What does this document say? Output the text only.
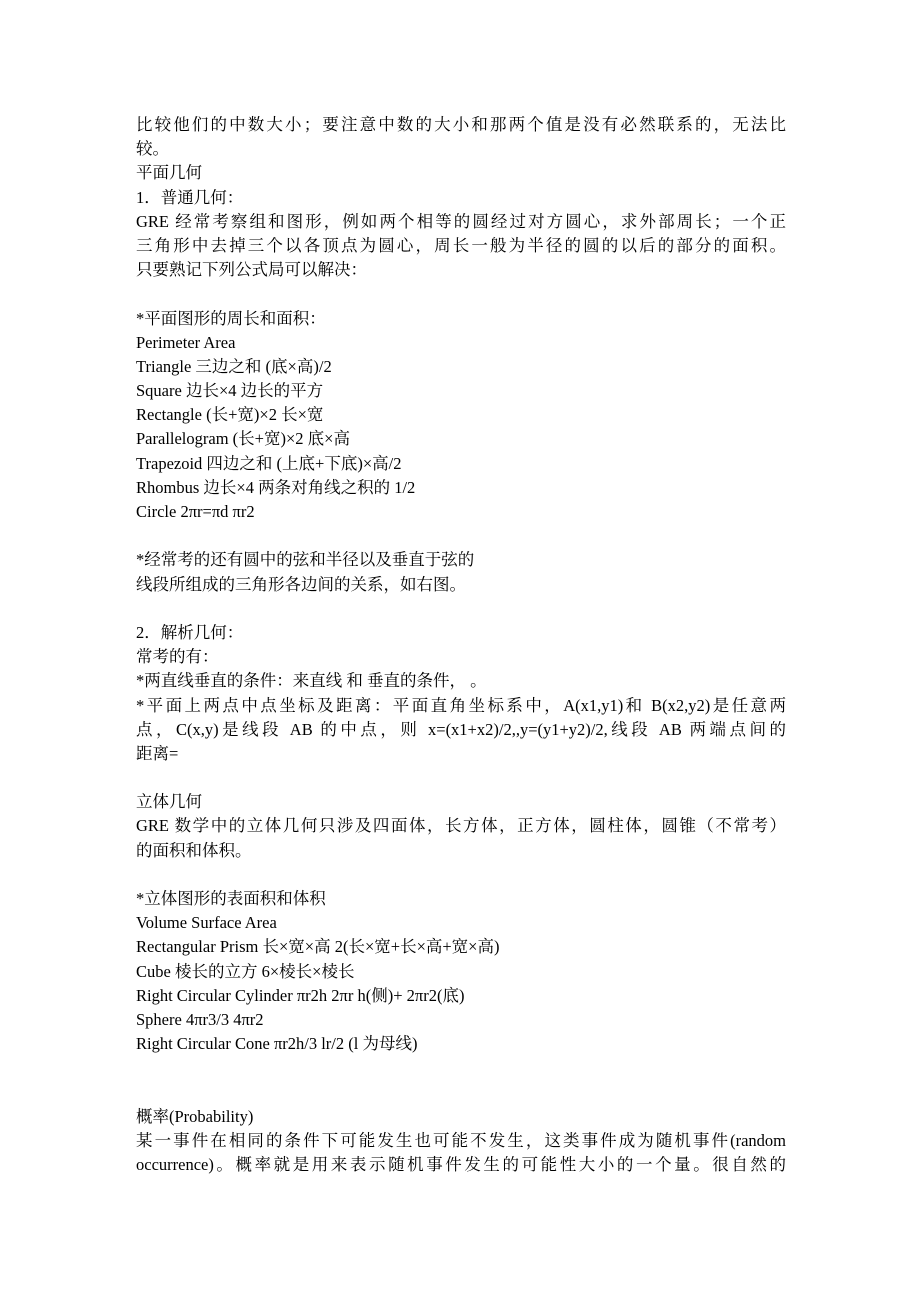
比较他们的中数大小；要注意中数的大小和那两个值是没有必然联系的，无法比
较。
平面几何
1．普通几何：
GRE 经常考察组和图形，例如两个相等的圆经过对方圆心，求外部周长；一个正
三角形中去掉三个以各顶点为圆心，周长一般为半径的圆的以后的部分的面积。
只要熟记下列公式局可以解决：
*平面图形的周长和面积：
Perimeter Area
Triangle 三边之和 (底×高)/2
Square 边长×4 边长的平方
Rectangle (长+宽)×2 长×宽
Parallelogram (长+宽)×2 底×高
Trapezoid 四边之和 (上底+下底)×高/2
Rhombus 边长×4 两条对角线之积的 1/2
Circle 2πr=πd πr2
*经常考的还有圆中的弦和半径以及垂直于弦的
线段所组成的三角形各边间的关系，如右图。
2．解析几何：
常考的有：
*两直线垂直的条件：来直线 和 垂直的条件， 。
*平面上两点中点坐标及距离：平面直角坐标系中，A(x1,y1)和 B(x2,y2)是任意两
点，C(x,y)是线段 AB 的中点，则 x=(x1+x2)/2,,y=(y1+y2)/2,线段 AB 两端点间的
距离=
立体几何
GRE 数学中的立体几何只涉及四面体，长方体，正方体，圆柱体，圆锥（不常考）
的面积和体积。
*立体图形的表面积和体积
Volume Surface Area
Rectangular Prism 长×宽×高 2(长×宽+长×高+宽×高)
Cube 棱长的立方 6×棱长×棱长
Right Circular Cylinder πr2h 2πr h(侧)+ 2πr2(底)
Sphere 4πr3/3 4πr2
Right Circular Cone πr2h/3 lr/2 (l 为母线)
概率(Probability)
某一事件在相同的条件下可能发生也可能不发生，这类事件成为随机事件(random
occurrence)。概率就是用来表示随机事件发生的可能性大小的一个量。很自然的
